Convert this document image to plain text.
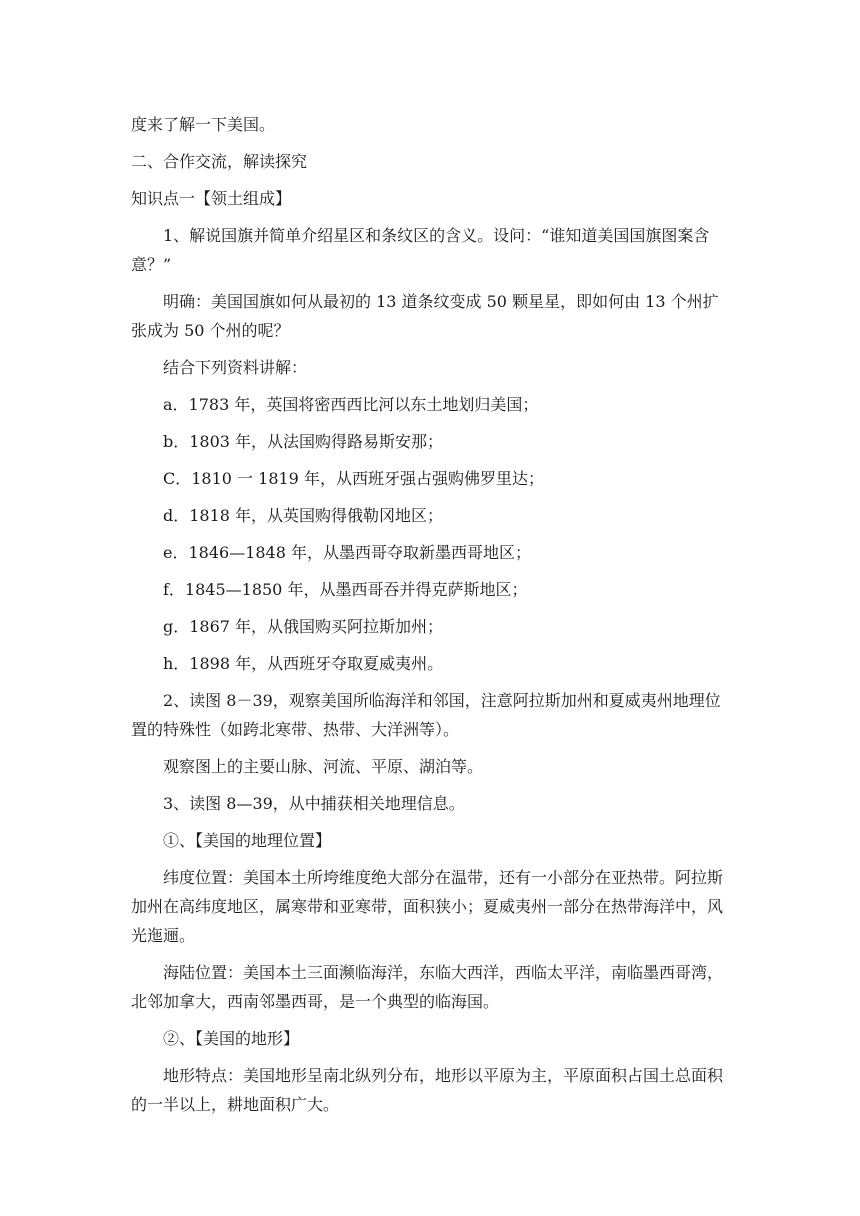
度来了解一下美国。

二、合作交流，解读探究

知识点一【领土组成】

1、解说国旗并简单介绍星区和条纹区的含义。设问：“谁知道美国国旗图案含意？”

明确：美国国旗如何从最初的 13 道条纹变成 50 颗星星，即如何由 13 个州扩张成为 50 个州的呢？

结合下列资料讲解：

a．1783 年，英国将密西西比河以东土地划归美国；

b．1803 年，从法国购得路易斯安那；

C．1810 一 1819 年，从西班牙强占强购佛罗里达；

d．1818 年，从英国购得俄勒冈地区；

e．1846—1848 年，从墨西哥夺取新墨西哥地区；

f．1845—1850 年，从墨西哥吞并得克萨斯地区；

g．1867 年，从俄国购买阿拉斯加州；

h．1898 年，从西班牙夺取夏威夷州。

2、读图 8－39，观察美国所临海洋和邻国，注意阿拉斯加州和夏威夷州地理位置的特殊性（如跨北寒带、热带、大洋洲等）。

观察图上的主要山脉、河流、平原、湖泊等。

3、读图 8—39，从中捕获相关地理信息。

①、【美国的地理位置】

纬度位置：美国本土所垮维度绝大部分在温带，还有一小部分在亚热带。阿拉斯加州在高纬度地区，属寒带和亚寒带，面积狭小；夏威夷州一部分在热带海洋中，风光迤逦。

海陆位置：美国本土三面濒临海洋，东临大西洋，西临太平洋，南临墨西哥湾，北邻加拿大，西南邻墨西哥，是一个典型的临海国。

②、【美国的地形】

地形特点：美国地形呈南北纵列分布，地形以平原为主，平原面积占国土总面积的一半以上，耕地面积广大。
